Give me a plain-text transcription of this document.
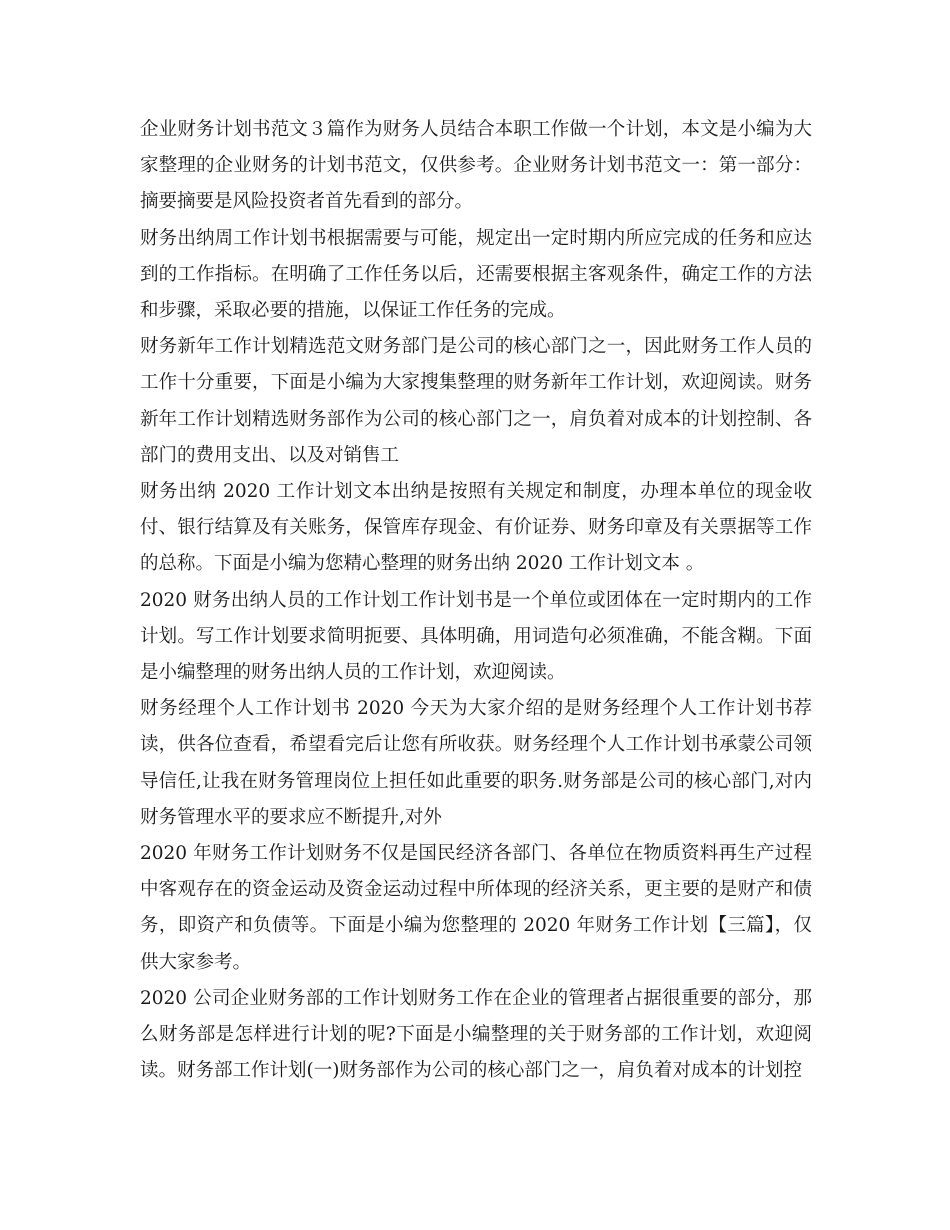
企业财务计划书范文３篇作为财务人员结合本职工作做一个计划，本文是小编为大家整理的企业财务的计划书范文，仅供参考。企业财务计划书范文一：第一部分：摘要摘要是风险投资者首先看到的部分。

财务出纳周工作计划书根据需要与可能，规定出一定时期内所应完成的任务和应达到的工作指标。在明确了工作任务以后，还需要根据主客观条件，确定工作的方法和步骤，采取必要的措施，以保证工作任务的完成。

财务新年工作计划精选范文财务部门是公司的核心部门之一，因此财务工作人员的工作十分重要，下面是小编为大家搜集整理的财务新年工作计划，欢迎阅读。财务新年工作计划精选财务部作为公司的核心部门之一，肩负着对成本的计划控制、各部门的费用支出、以及对销售工

财务出纳 2020 工作计划文本出纳是按照有关规定和制度，办理本单位的现金收付、银行结算及有关账务，保管库存现金、有价证券、财务印章及有关票据等工作的总称。下面是小编为您精心整理的财务出纳 2020 工作计划文本 。

2020 财务出纳人员的工作计划工作计划书是一个单位或团体在一定时期内的工作计划。写工作计划要求简明扼要、具体明确，用词造句必须准确，不能含糊。下面是小编整理的财务出纳人员的工作计划，欢迎阅读。

财务经理个人工作计划书 2020 今天为大家介绍的是财务经理个人工作计划书荐读，供各位查看，希望看完后让您有所收获。财务经理个人工作计划书承蒙公司领导信任,让我在财务管理岗位上担任如此重要的职务.财务部是公司的核心部门,对内财务管理水平的要求应不断提升,对外

2020 年财务工作计划财务不仅是国民经济各部门、各单位在物质资料再生产过程中客观存在的资金运动及资金运动过程中所体现的经济关系，更主要的是财产和债务，即资产和负债等。下面是小编为您整理的 2020 年财务工作计划【三篇】，仅供大家参考。

2020 公司企业财务部的工作计划财务工作在企业的管理者占据很重要的部分，那么财务部是怎样进行计划的呢?下面是小编整理的关于财务部的工作计划，欢迎阅读。财务部工作计划(一)财务部作为公司的核心部门之一，肩负着对成本的计划控
